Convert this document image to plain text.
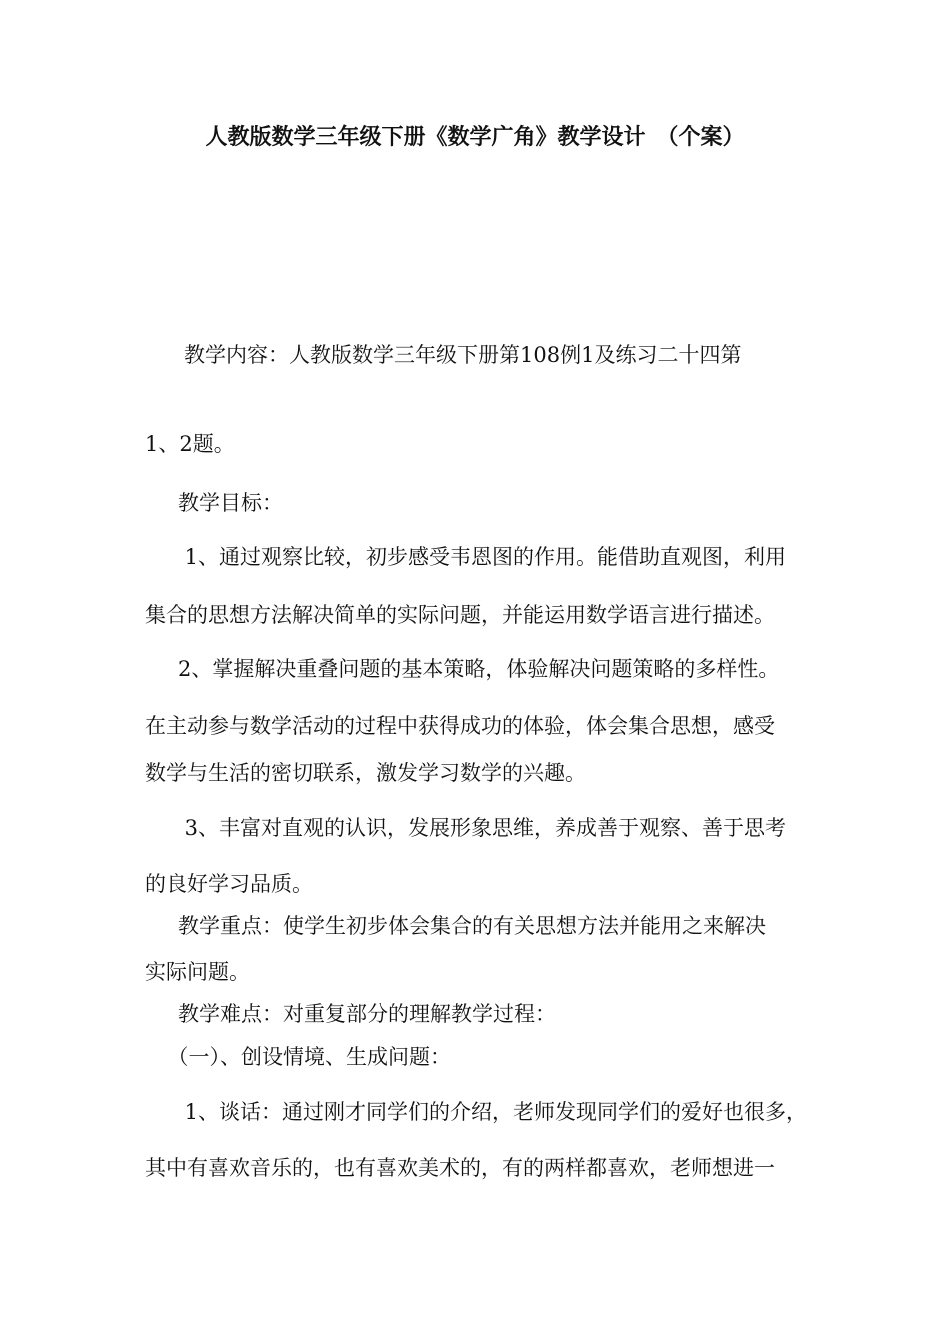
人教版数学三年级下册《数学广角》教学设计　（个案）
　教学内容：人教版数学三年级下册第108例1及练习二十四第
1、2题。
　教学目标：
　 1、通过观察比较，初步感受韦恩图的作用。能借助直观图，利用
集合的思想方法解决简单的实际问题，并能运用数学语言进行描述。
　2、掌握解决重叠问题的基本策略，体验解决问题策略的多样性。
在主动参与数学活动的过程中获得成功的体验，体会集合思想，感受
数学与生活的密切联系，激发学习数学的兴趣。
　 3、丰富对直观的认识，发展形象思维，养成善于观察、善于思考
的良好学习品质。
　教学重点：使学生初步体会集合的有关思想方法并能用之来解决
实际问题。
　教学难点：对重复部分的理解教学过程：
　（一）、创设情境、生成问题：
　 1、谈话：通过刚才同学们的介绍，老师发现同学们的爱好也很多，
其中有喜欢音乐的，也有喜欢美术的，有的两样都喜欢，老师想进一
